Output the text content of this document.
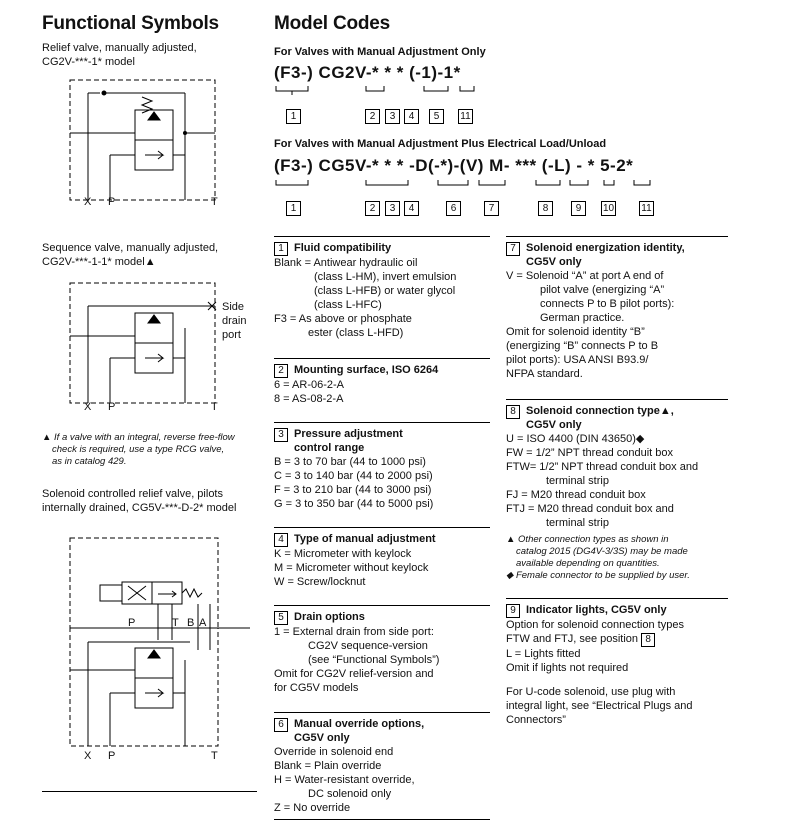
Functional Symbols
Relief valve, manually adjusted,
CG2V-***-1* model
X P	T
Sequence valve, manually adjusted,
CG2V-***-1-1* model▲
Side
drain
port
X P	T
▲ If a valve with an integral, reverse free-flow
check is required, use a type RCG valve,
as in catalog 429.
Solenoid controlled relief valve, pilots
internally drained, CG5V-***-D-2* model
P	T B A
X P	T
Model Codes
For Valves with Manual Adjustment Only
(F3-) CG2V-* * * (-1)-1*
1	2	3	4	5	11
For Valves with Manual Adjustment Plus Electrical Load/Unload
(F3-) CG5V-* * * -D(-*)-(V) M- *** (-L) - * 5-2*
1	2	3	4	6	7	8	9	10	11
1 Fluid compatibility
Blank = Antiwear hydraulic oil
(class L-HM), invert emulsion
(class L-HFB) or water glycol
(class L-HFC)
F3 = As above or phosphate
ester (class L-HFD)
2 Mounting surface, ISO 6264
6 = AR-06-2-A
8 = AS-08-2-A
3 Pressure adjustment
control range
B = 3 to 70 bar (44 to 1000 psi)
C = 3 to 140 bar (44 to 2000 psi)
F = 3 to 210 bar (44 to 3000 psi)
G = 3 to 350 bar (44 to 5000 psi)
4 Type of manual adjustment
K = Micrometer with keylock
M = Micrometer without keylock
W = Screw/locknut
5 Drain options
1 = External drain from side port:
CG2V sequence-version
(see “Functional Symbols”)
Omit for CG2V relief-version and
for CG5V models
6 Manual override options,
CG5V only
Override in solenoid end
Blank = Plain override
H = Water-resistant override,
DC solenoid only
Z = No override
7 Solenoid energization identity,
CG5V only
V = Solenoid “A” at port A end of
pilot valve (energizing “A”
connects P to B pilot ports):
German practice.
Omit for solenoid identity “B”
(energizing “B” connects P to B
pilot ports): USA ANSI B93.9/
NFPA standard.
8 Solenoid connection type▲,
CG5V only
U = ISO 4400 (DIN 43650)◆
FW = 1/2” NPT thread conduit box
FTW= 1/2” NPT thread conduit box and
terminal strip
FJ = M20 thread conduit box
FTJ = M20 thread conduit box and
terminal strip
▲ Other connection types as shown in
catalog 2015 (DG4V-3/3S) may be made
available depending on quantities.
◆ Female connector to be supplied by user.
9 Indicator lights, CG5V only
Option for solenoid connection types
FTW and FTJ, see position 8
L = Lights fitted
Omit if lights not required
For U-code solenoid, use plug with
integral light, see “Electrical Plugs and
Connectors”
